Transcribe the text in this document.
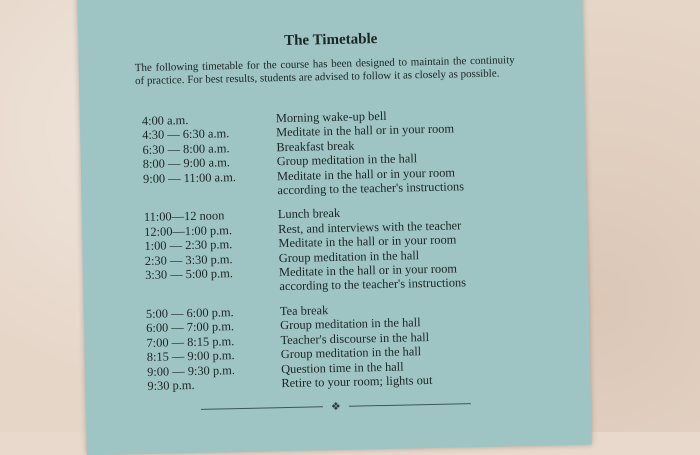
The Timetable
The following timetable for the course has been designed to maintain the continuity of practice. For best results, students are advised to follow it as closely as possible.
4:00 a.m.	Morning wake-up bell
4:30 — 6:30 a.m.	Meditate in the hall or in your room
6:30 — 8:00 a.m.	Breakfast break
8:00 — 9:00 a.m.	Group meditation in the hall
9:00 — 11:00 a.m.	Meditate in the hall or in your room
according to the teacher's instructions
11:00—12 noon	Lunch break
12:00—1:00 p.m.	Rest, and interviews with the teacher
1:00 — 2:30 p.m.	Meditate in the hall or in your room
2:30 — 3:30 p.m.	Group meditation in the hall
3:30 — 5:00 p.m.	Meditate in the hall or in your room
according to the teacher's instructions
5:00 — 6:00 p.m.	Tea break
6:00 — 7:00 p.m.	Group meditation in the hall
7:00 — 8:15 p.m.	Teacher's discourse in the hall
8:15 — 9:00 p.m.	Group meditation in the hall
9:00 — 9:30 p.m.	Question time in the hall
9:30 p.m.	Retire to your room; lights out
❖
